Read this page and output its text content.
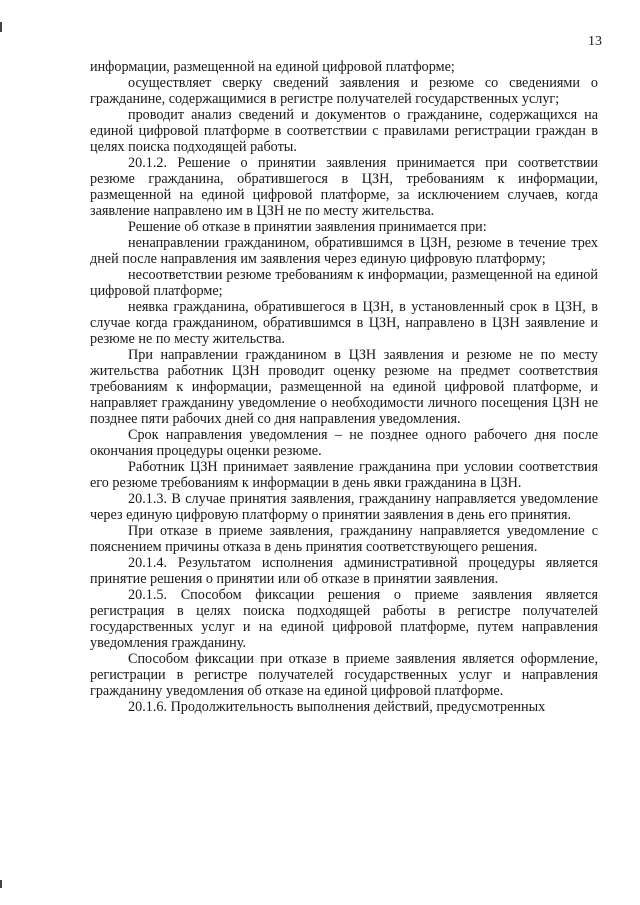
13

информации, размещенной на единой цифровой платформе;

осуществляет сверку сведений заявления и резюме со сведениями о гражданине, содержащимися в регистре получателей государственных услуг;

проводит анализ сведений и документов о гражданине, содержащихся на единой цифровой платформе в соответствии с правилами регистрации граждан в целях поиска подходящей работы.

20.1.2. Решение о принятии заявления принимается при соответствии резюме гражданина, обратившегося в ЦЗН, требованиям к информации, размещенной на единой цифровой платформе, за исключением случаев, когда заявление направлено им в ЦЗН не по месту жительства.

Решение об отказе в принятии заявления принимается при:

ненаправлении гражданином, обратившимся в ЦЗН, резюме в течение трех дней после направления им заявления через единую цифровую платформу;

несоответствии резюме требованиям к информации, размещенной на единой цифровой платформе;

неявка гражданина, обратившегося в ЦЗН, в установленный срок в ЦЗН, в случае когда гражданином, обратившимся в ЦЗН, направлено в ЦЗН заявление и резюме не по месту жительства.

При направлении гражданином в ЦЗН заявления и резюме не по месту жительства работник ЦЗН проводит оценку резюме на предмет соответствия требованиям к информации, размещенной на единой цифровой платформе, и направляет гражданину уведомление о необходимости личного посещения ЦЗН не позднее пяти рабочих дней со дня направления уведомления.

Срок направления уведомления – не позднее одного рабочего дня после окончания процедуры оценки резюме.

Работник ЦЗН принимает заявление гражданина при условии соответствия его резюме требованиям к информации в день явки гражданина в ЦЗН.

20.1.3. В случае принятия заявления, гражданину направляется уведомление через единую цифровую платформу о принятии заявления в день его принятия.

При отказе в приеме заявления, гражданину направляется уведомление с пояснением причины отказа в день принятия соответствующего решения.

20.1.4. Результатом исполнения административной процедуры является принятие решения о принятии или об отказе в принятии заявления.

20.1.5. Способом фиксации решения о приеме заявления является регистрация в целях поиска подходящей работы в регистре получателей государственных услуг и на единой цифровой платформе, путем направления уведомления гражданину.

Способом фиксации при отказе в приеме заявления является оформление, регистрации в регистре получателей государственных услуг и направления гражданину уведомления об отказе на единой цифровой платформе.

20.1.6. Продолжительность выполнения действий, предусмотренных
